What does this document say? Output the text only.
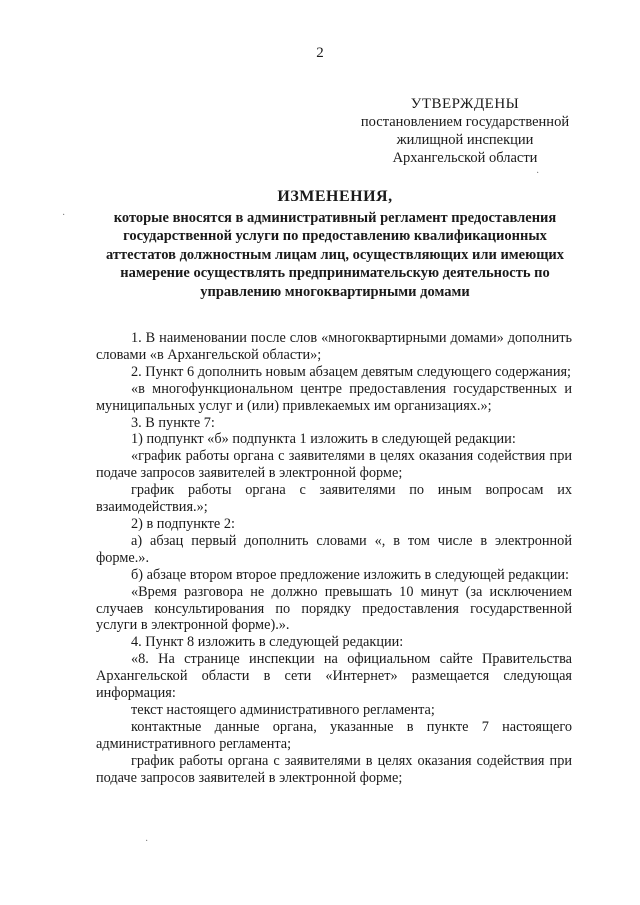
2
УТВЕРЖДЕНЫ
постановлением государственной
жилищной инспекции
Архангельской области
ИЗМЕНЕНИЯ,
которые вносятся в административный регламент предоставления
государственной услуги по предоставлению квалификационных
аттестатов должностным лицам лиц, осуществляющих или имеющих
намерение осуществлять предпринимательскую деятельность по
управлению многоквартирными домами

1. В наименовании после слов «многоквартирными домами» дополнить словами «в Архангельской области»;

2. Пункт 6 дополнить новым абзацем девятым следующего содержания;

«в многофункциональном центре предоставления государственных и муниципальных услуг и (или) привлекаемых им организациях.»;

3. В пункте 7:

1) подпункт «б» подпункта 1 изложить в следующей редакции:

«график работы органа с заявителями в целях оказания содействия при подаче запросов заявителей в электронной форме;

график работы органа с заявителями по иным вопросам их взаимодействия.»;

2) в подпункте 2:

а) абзац первый дополнить словами «, в том числе в электронной форме.».

б) абзаце втором второе предложение изложить в следующей редакции:

«Время разговора не должно превышать 10 минут (за исключением случаев консультирования по порядку предоставления государственной услуги в электронной форме).».

4. Пункт 8 изложить в следующей редакции:

«8. На странице инспекции на официальном сайте Правительства Архангельской области в сети «Интернет» размещается следующая информация:

текст настоящего административного регламента;

контактные данные органа, указанные в пункте 7 настоящего административного регламента;

график работы органа с заявителями в целях оказания содействия при подаче запросов заявителей в электронной форме;

·
·
·
